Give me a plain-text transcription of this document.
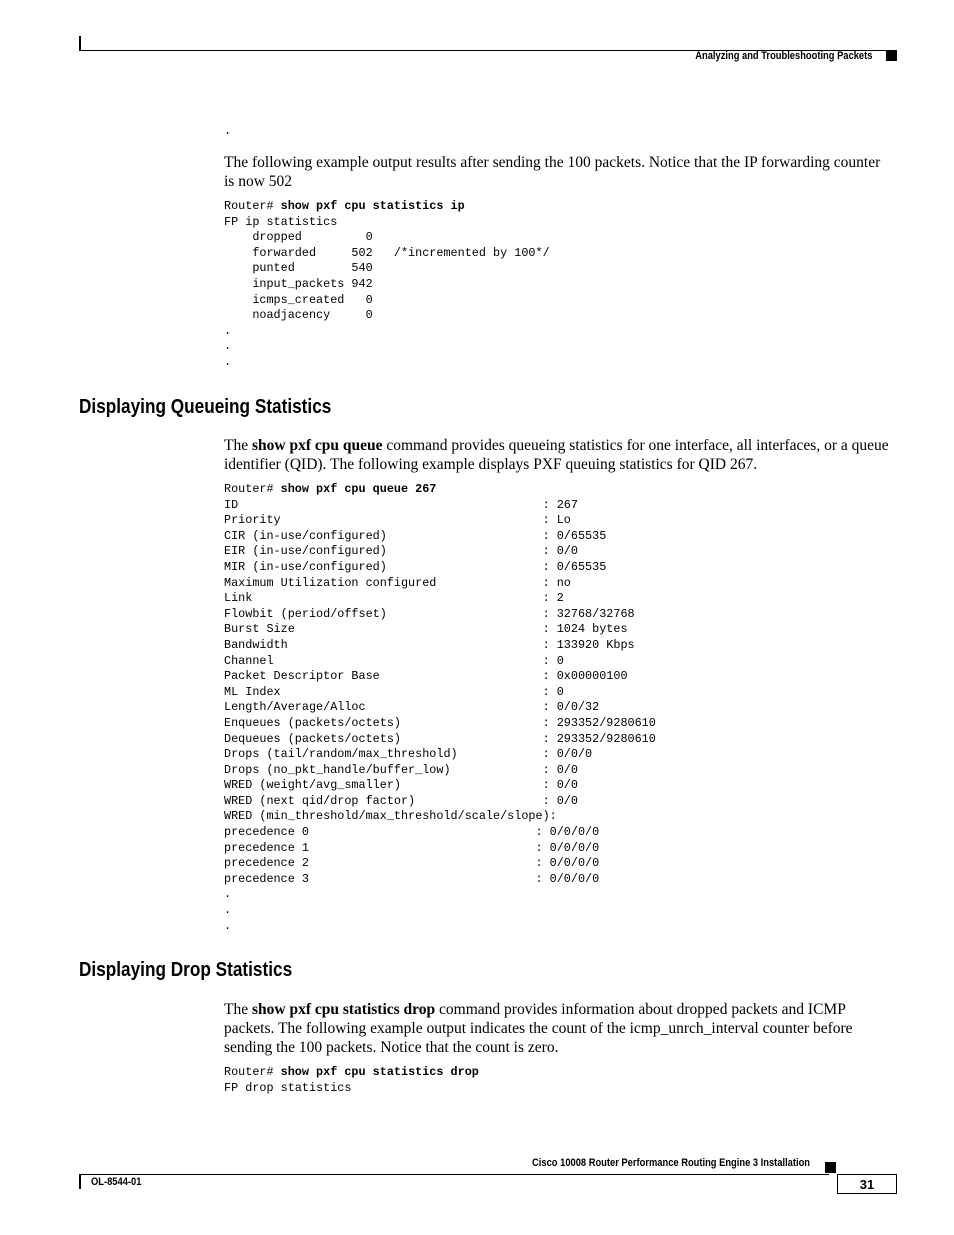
Analyzing and Troubleshooting Packets
.
The following example output results after sending the 100 packets. Notice that the IP forwarding counter is now 502
Router# show pxf cpu statistics ip
FP ip statistics
dropped         0
forwarded     502   /*incremented by 100*/
punted        540
input_packets 942
icmps_created   0
noadjacency     0
.
.
.
Displaying Queueing Statistics
The show pxf cpu queue command provides queueing statistics for one interface, all interfaces, or a queue identifier (QID). The following example displays PXF queuing statistics for QID 267.
Router# show pxf cpu queue 267
ID                                           : 267
Priority                                     : Lo
CIR (in-use/configured)                      : 0/65535
EIR (in-use/configured)                      : 0/0
MIR (in-use/configured)                      : 0/65535
Maximum Utilization configured               : no
Link                                         : 2
Flowbit (period/offset)                      : 32768/32768
Burst Size                                   : 1024 bytes
Bandwidth                                    : 133920 Kbps
Channel                                      : 0
Packet Descriptor Base                       : 0x00000100
ML Index                                     : 0
Length/Average/Alloc                         : 0/0/32
Enqueues (packets/octets)                    : 293352/9280610
Dequeues (packets/octets)                    : 293352/9280610
Drops (tail/random/max_threshold)            : 0/0/0
Drops (no_pkt_handle/buffer_low)             : 0/0
WRED (weight/avg_smaller)                    : 0/0
WRED (next qid/drop factor)                  : 0/0
WRED (min_threshold/max_threshold/scale/slope):
precedence 0                                : 0/0/0/0
precedence 1                                : 0/0/0/0
precedence 2                                : 0/0/0/0
precedence 3                                : 0/0/0/0
.
.
.
Displaying Drop Statistics
The show pxf cpu statistics drop command provides information about dropped packets and ICMP packets. The following example output indicates the count of the icmp_unrch_interval counter before sending the 100 packets. Notice that the count is zero.
Router# show pxf cpu statistics drop
FP drop statistics
Cisco 10008 Router Performance Routing Engine 3 Installation
OL-8544-01	31
